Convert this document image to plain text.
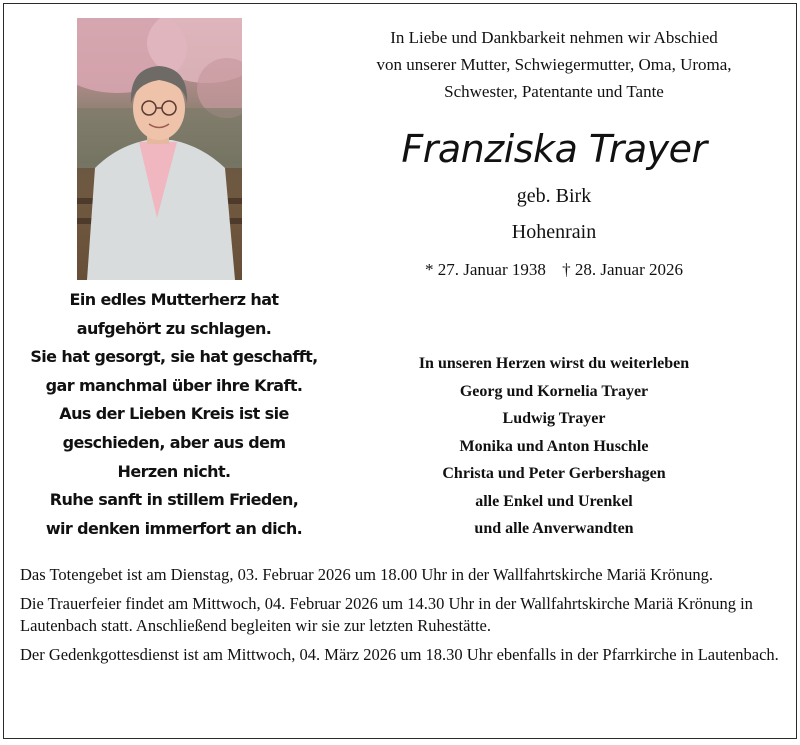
In Liebe und Dankbarkeit nehmen wir Abschied
von unserer Mutter, Schwiegermutter, Oma, Uroma,
Schwester, Patentante und Tante
Franziska Trayer
geb. Birk
Hohenrain
* 27. Januar 1938 † 28. Januar 2026
Ein edles Mutterherz hat
aufgehört zu schlagen.
Sie hat gesorgt, sie hat geschafft,
gar manchmal über ihre Kraft.
Aus der Lieben Kreis ist sie
geschieden, aber aus dem
Herzen nicht.
Ruhe sanft in stillem Frieden,
wir denken immerfort an dich.
In unseren Herzen wirst du weiterleben
Georg und Kornelia Trayer
Ludwig Trayer
Monika und Anton Huschle
Christa und Peter Gerbershagen
alle Enkel und Urenkel
und alle Anverwandten

Das Totengebet ist am Dienstag, 03. Februar 2026 um 18.00 Uhr in der Wallfahrtskirche Mariä Krönung.

Die Trauerfeier findet am Mittwoch, 04. Februar 2026 um 14.30 Uhr in der Wallfahrtskirche Mariä Krönung in Lautenbach statt. Anschließend begleiten wir sie zur letzten Ruhestätte.

Der Gedenkgottesdienst ist am Mittwoch, 04. März 2026 um 18.30 Uhr ebenfalls in der Pfarrkirche in Lautenbach.
